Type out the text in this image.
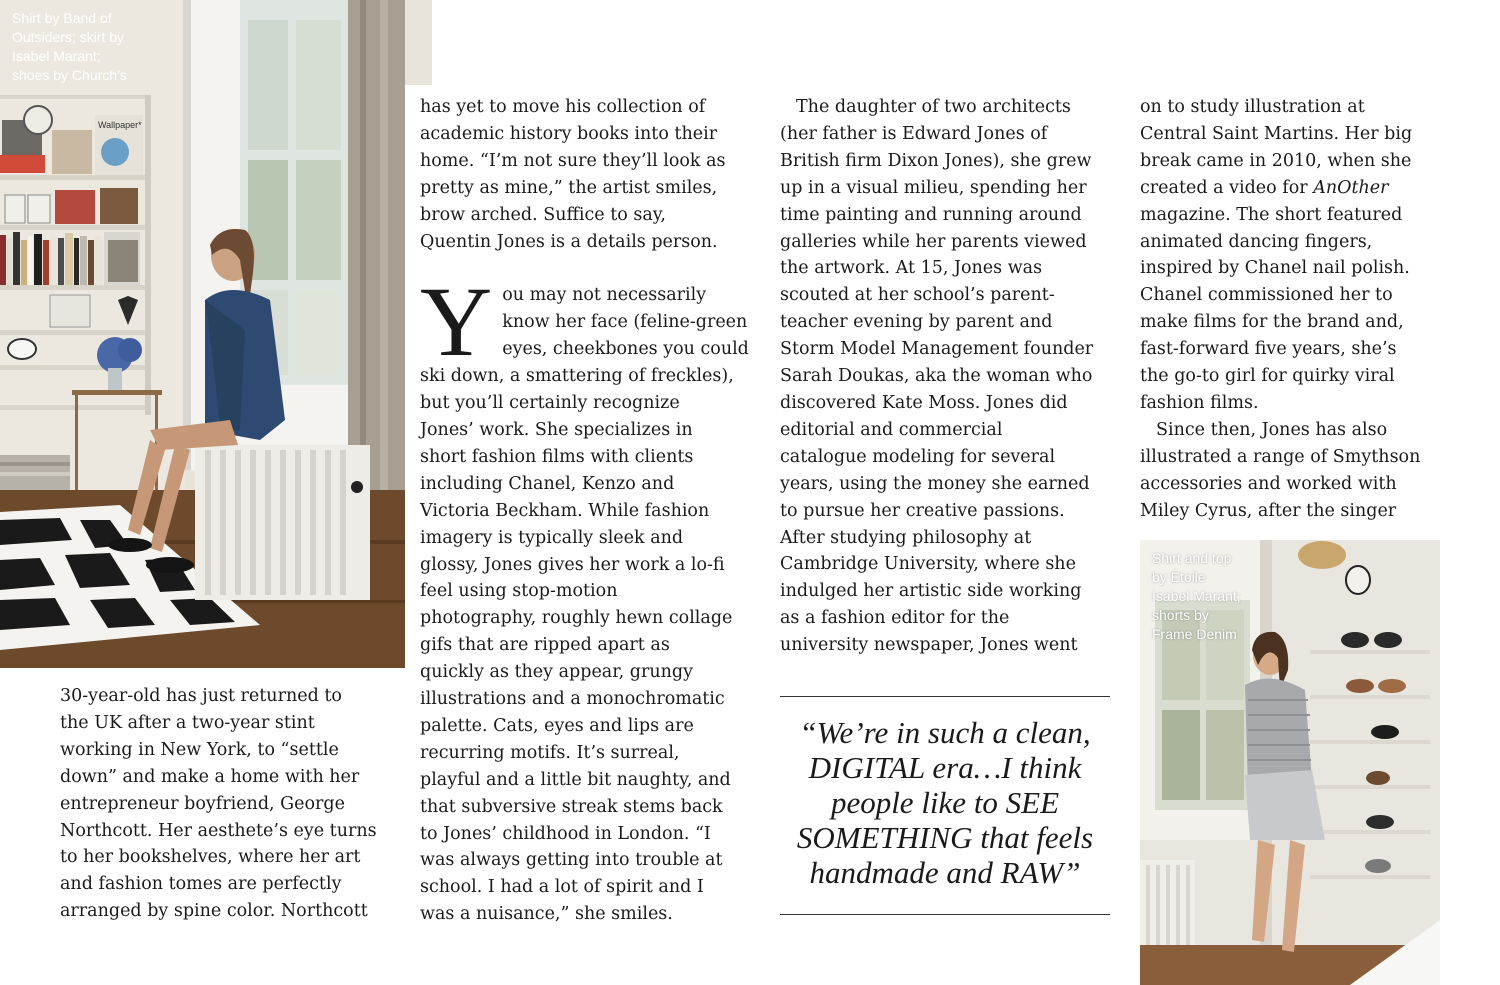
Wallpaper*
Shirt by Band of
Outsiders; skirt by
Isabel Marant;
shoes by Church’s

30-year-old has just returned to
the UK after a two-year stint
working in New York, to “settle
down” and make a home with her
entrepreneur boyfriend, George
Northcott. Her aesthete’s eye turns
to her bookshelves, where her art
and fashion tomes are perfectly
arranged by spine color. Northcott

has yet to move his collection of
academic history books into their
home. “I’m not sure they’ll look as
pretty as mine,” the artist smiles,
brow arched. Suffice to say,
Quentin Jones is a details person.

Y ou may not necessarily
know her face (feline-green
eyes, cheekbones you could
ski down, a smattering of freckles),
but you’ll certainly recognize
Jones’ work. She specializes in
short fashion films with clients
including Chanel, Kenzo and
Victoria Beckham. While fashion
imagery is typically sleek and
glossy, Jones gives her work a lo-fi
feel using stop-motion
photography, roughly hewn collage
gifs that are ripped apart as
quickly as they appear, grungy
illustrations and a monochromatic
palette. Cats, eyes and lips are
recurring motifs. It’s surreal,
playful and a little bit naughty, and
that subversive streak stems back
to Jones’ childhood in London. “I
was always getting into trouble at
school. I had a lot of spirit and I
was a nuisance,” she smiles.

The daughter of two architects
(her father is Edward Jones of
British firm Dixon Jones), she grew
up in a visual milieu, spending her
time painting and running around
galleries while her parents viewed
the artwork. At 15, Jones was
scouted at her school’s parent-
teacher evening by parent and
Storm Model Management founder
Sarah Doukas, aka the woman who
discovered Kate Moss. Jones did
editorial and commercial
catalogue modeling for several
years, using the money she earned
to pursue her creative passions.
After studying philosophy at
Cambridge University, where she
indulged her artistic side working
as a fashion editor for the
university newspaper, Jones went

“We’re in such a clean,
DIGITAL era…I think
people like to SEE
SOMETHING that feels
handmade and RAW”

on to study illustration at
Central Saint Martins. Her big
break came in 2010, when she
created a video for AnOther
magazine. The short featured
animated dancing fingers,
inspired by Chanel nail polish.
Chanel commissioned her to
make films for the brand and,
fast-forward five years, she’s
the go-to girl for quirky viral
fashion films.

Since then, Jones has also
illustrated a range of Smythson
accessories and worked with
Miley Cyrus, after the singer

Shirt and top
by Étoile
Isabel Marant;
shorts by
Frame Denim
